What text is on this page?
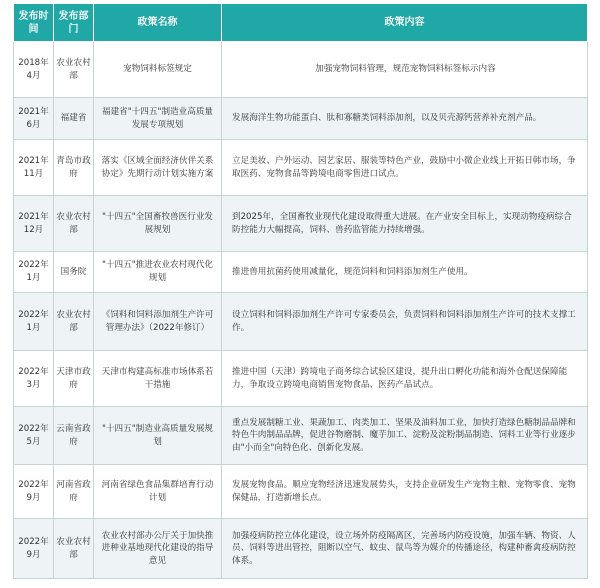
发布时间	发布部门	政策名称	政策内容
2018年4月	农业农村部	宠物饲料标签规定	加强宠物饲料管理，规范宠物饲料标签标示内容
2021年6月	福建省	福建省"十四五"制造业高质量发展专项规划	发展海洋生物功能蛋白、肽和寡糖类饲料添加剂，以及贝壳源钙营养补充剂产品。
2021年11月	青岛市政府	落实《区域全面经济伙伴关系协定》先期行动计划实施方案	立足美妆、户外运动、园艺家居、服装等特色产业，鼓励中小微企业线上开拓日韩市场，争取医药、宠物食品等跨境电商零售进口试点。
2021年12月	农业农村部	"十四五"全国畜牧兽医行业发展规划	到2025年，全国畜牧业现代化建设取得重大进展。在产业安全目标上，实现动物疫病综合防控能力大幅提高，饲料、兽药监管能力持续增强。
2022年1月	国务院	"十四五"推进农业农村现代化规划	推进兽用抗菌药使用减量化，规范饲料和饲料添加剂生产使用。
2022年1月	农业农村部	《饲料和饲料添加剂生产许可管理办法》（2022年修订）	设立饲料和饲料添加剂生产许可专家委员会，负责饲料和饲料添加剂生产许可的技术支撑工作。
2022年3月	天津市政府	天津市构建高标准市场体系若干措施	推进中国（天津）跨境电子商务综合试验区建设，提升出口孵化功能和海外仓配送保障能力，争取设立跨境电商销售宠物食品、医药产品试点。
2022年5月	云南省政府	"十四五"制造业高质量发展规划	重点发展制糖工业、果蔬加工、肉类加工、坚果及油料加工业，加快打造绿色糖制品品牌和特色牛肉制品品牌，促进谷物磨制、魔芋加工、淀粉及淀粉制品制造、饲料工业等行业逐步由"小而全"向特色化、创新化发展。
2022年9月	河南省政府	河南省绿色食品集群培育行动计划	发展宠物食品。顺应宠物经济迅速发展势头，支持企业研发生产宠物主粮、宠物零食、宠物保健品，打造新增长点。
2022年9月	农业农村部	农业农村部办公厅关于加快推进种业基地现代化建设的指导意见	加强疫病防控立体化建设，设立场外防疫隔离区，完善场内防疫设施，加强车辆、物资、人员、饲料等进出管控，阻断以空气、蚊虫、鼠鸟等为媒介的传播途径，构建种畜禽疫病防控体系。
